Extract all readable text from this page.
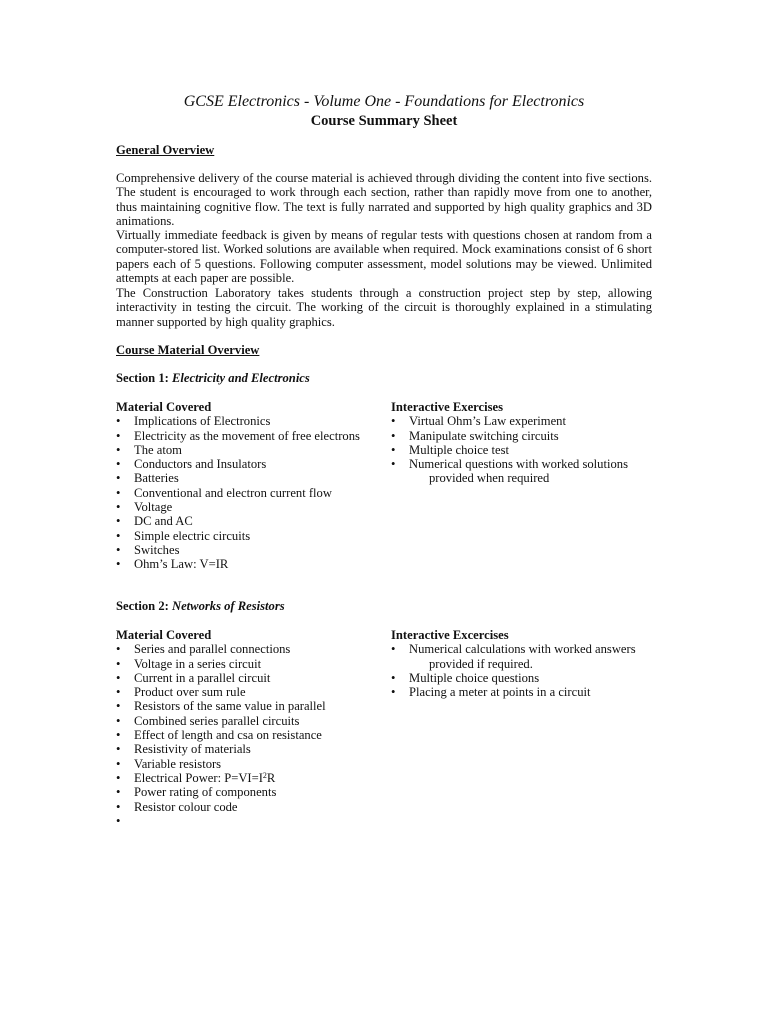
GCSE Electronics - Volume One - Foundations for Electronics
Course Summary Sheet
General Overview
Comprehensive delivery of the course material is achieved through dividing the content into five sections. The student is encouraged to work through each section, rather than rapidly move from one to another, thus maintaining cognitive flow. The text is fully narrated and supported by high quality graphics and 3D animations.
Virtually immediate feedback is given by means of regular tests with questions chosen at random from a computer-stored list. Worked solutions are available when required. Mock examinations consist of 6 short papers each of 5 questions. Following computer assessment, model solutions may be viewed. Unlimited attempts at each paper are possible.
The Construction Laboratory takes students through a construction project step by step, allowing interactivity in testing the circuit. The working of the circuit is thoroughly explained in a stimulating manner supported by high quality graphics.
Course Material Overview
Section 1: Electricity and Electronics
Material Covered
• Implications of Electronics
• Electricity as the movement of free electrons
• The atom
• Conductors and Insulators
• Batteries
• Conventional and electron current flow
• Voltage
• DC and AC
• Simple electric circuits
• Switches
• Ohm’s Law: V=IR
Interactive Exercises
• Virtual Ohm’s Law experiment
• Manipulate switching circuits
• Multiple choice test
• Numerical questions with worked solutions
provided when required
Section 2: Networks of Resistors
Material Covered
• Series and parallel connections
• Voltage in a series circuit
• Current in a parallel circuit
• Product over sum rule
• Resistors of the same value in parallel
• Combined series parallel circuits
• Effect of length and csa on resistance
• Resistivity of materials
• Variable resistors
• Electrical Power: $P=VI=I^2R$
• Power rating of components
• Resistor colour code
•
Interactive Excercises
• Numerical calculations with worked answers
provided if required.
• Multiple choice questions
• Placing a meter at points in a circuit
